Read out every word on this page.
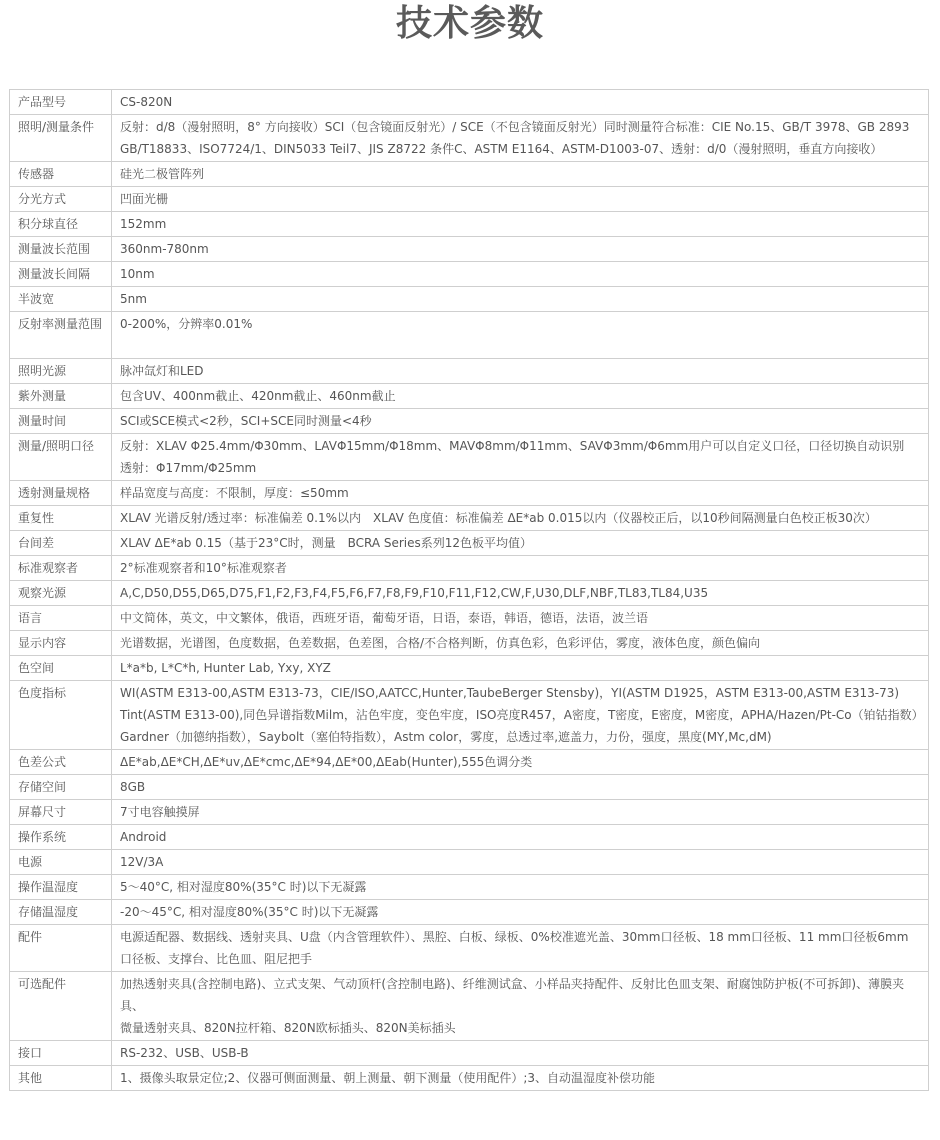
技术参数
产品型号	CS-820N

照明/测量条件	反射：d/8（漫射照明，8° 方向接收）SCI（包含镜面反射光）/ SCE（不包含镜面反射光）同时测量符合标准：CIE No.15、GB/T 3978、GB 2893
GB/T18833、ISO7724/1、DIN5033 Teil7、JIS Z8722 条件C、ASTM E1164、ASTM-D1003-07、透射：d/0（漫射照明，垂直方向接收）

传感器	硅光二极管阵列

分光方式	凹面光栅

积分球直径	152mm

测量波长范围	360nm-780nm

测量波长间隔	10nm

半波宽	5nm

反射率测量范围	0-200%，分辨率0.01%

照明光源	脉冲氙灯和LED

紫外测量	包含UV、400nm截止、420nm截止、460nm截止

测量时间	SCI或SCE模式<2秒，SCI+SCE同时测量<4秒

测量/照明口径	反射：XLAV Φ25.4mm/Φ30mm、LAVΦ15mm/Φ18mm、MAVΦ8mm/Φ11mm、SAVΦ3mm/Φ6mm用户可以自定义口径，口径切换自动识别
透射：Φ17mm/Φ25mm

透射测量规格	样品宽度与高度：不限制，厚度：≤50mm

重复性	XLAV 光谱反射/透过率：标准偏差 0.1%以内　XLAV 色度值：标准偏差 ΔE*ab 0.015以内（仪器校正后，以10秒间隔测量白色校正板30次）

台间差	XLAV ΔE*ab 0.15（基于23°C时，测量　BCRA Series系列12色板平均值）

标准观察者	2°标准观察者和10°标准观察者

观察光源	A,C,D50,D55,D65,D75,F1,F2,F3,F4,F5,F6,F7,F8,F9,F10,F11,F12,CW,F,U30,DLF,NBF,TL83,TL84,U35

语言	中文简体，英文，中文繁体，俄语，西班牙语，葡萄牙语，日语，泰语，韩语，德语，法语，波兰语

显示内容	光谱数据，光谱图，色度数据，色差数据，色差图，合格/不合格判断，仿真色彩，色彩评估，雾度，液体色度，颜色偏向

色空间	L*a*b, L*C*h, Hunter Lab, Yxy, XYZ

色度指标	WI(ASTM E313-00,ASTM E313-73，CIE/ISO,AATCC,Hunter,TaubeBerger Stensby)，YI(ASTM D1925，ASTM E313-00,ASTM E313-73)
Tint(ASTM E313-00),同色异谱指数Milm，沾色牢度，变色牢度，ISO亮度R457，A密度，T密度，E密度，M密度，APHA/Hazen/Pt-Co（铂钴指数）
Gardner（加德纳指数），Saybolt（塞伯特指数），Astm color，雾度，总透过率,遮盖力，力份，强度，黑度(MY,Mc,dM)

色差公式	ΔE*ab,ΔE*CH,ΔE*uv,ΔE*cmc,ΔE*94,ΔE*00,ΔEab(Hunter),555色调分类

存储空间	8GB

屏幕尺寸	7寸电容触摸屏

操作系统	Android

电源	12V/3A

操作温湿度	5～40°C, 相对湿度80%(35°C 时)以下无凝露

存储温湿度	-20～45°C, 相对湿度80%(35°C 时)以下无凝露

配件	电源适配器、数据线、透射夹具、U盘（内含管理软件）、黑腔、白板、绿板、0%校准遮光盖、30mm口径板、18 mm口径板、11 mm口径板6mm口径板、支撑台、比色皿、阻尼把手

可选配件	加热透射夹具(含控制电路)、立式支架、气动顶杆(含控制电路)、纤维测试盒、小样品夹持配件、反射比色皿支架、耐腐蚀防护板(不可拆卸)、薄膜夹具、
微量透射夹具、820N拉杆箱、820N欧标插头、820N美标插头

接口	RS-232、USB、USB-B

其他	1、摄像头取景定位;2、仪器可侧面测量、朝上测量、朝下测量（使用配件）;3、自动温湿度补偿功能
